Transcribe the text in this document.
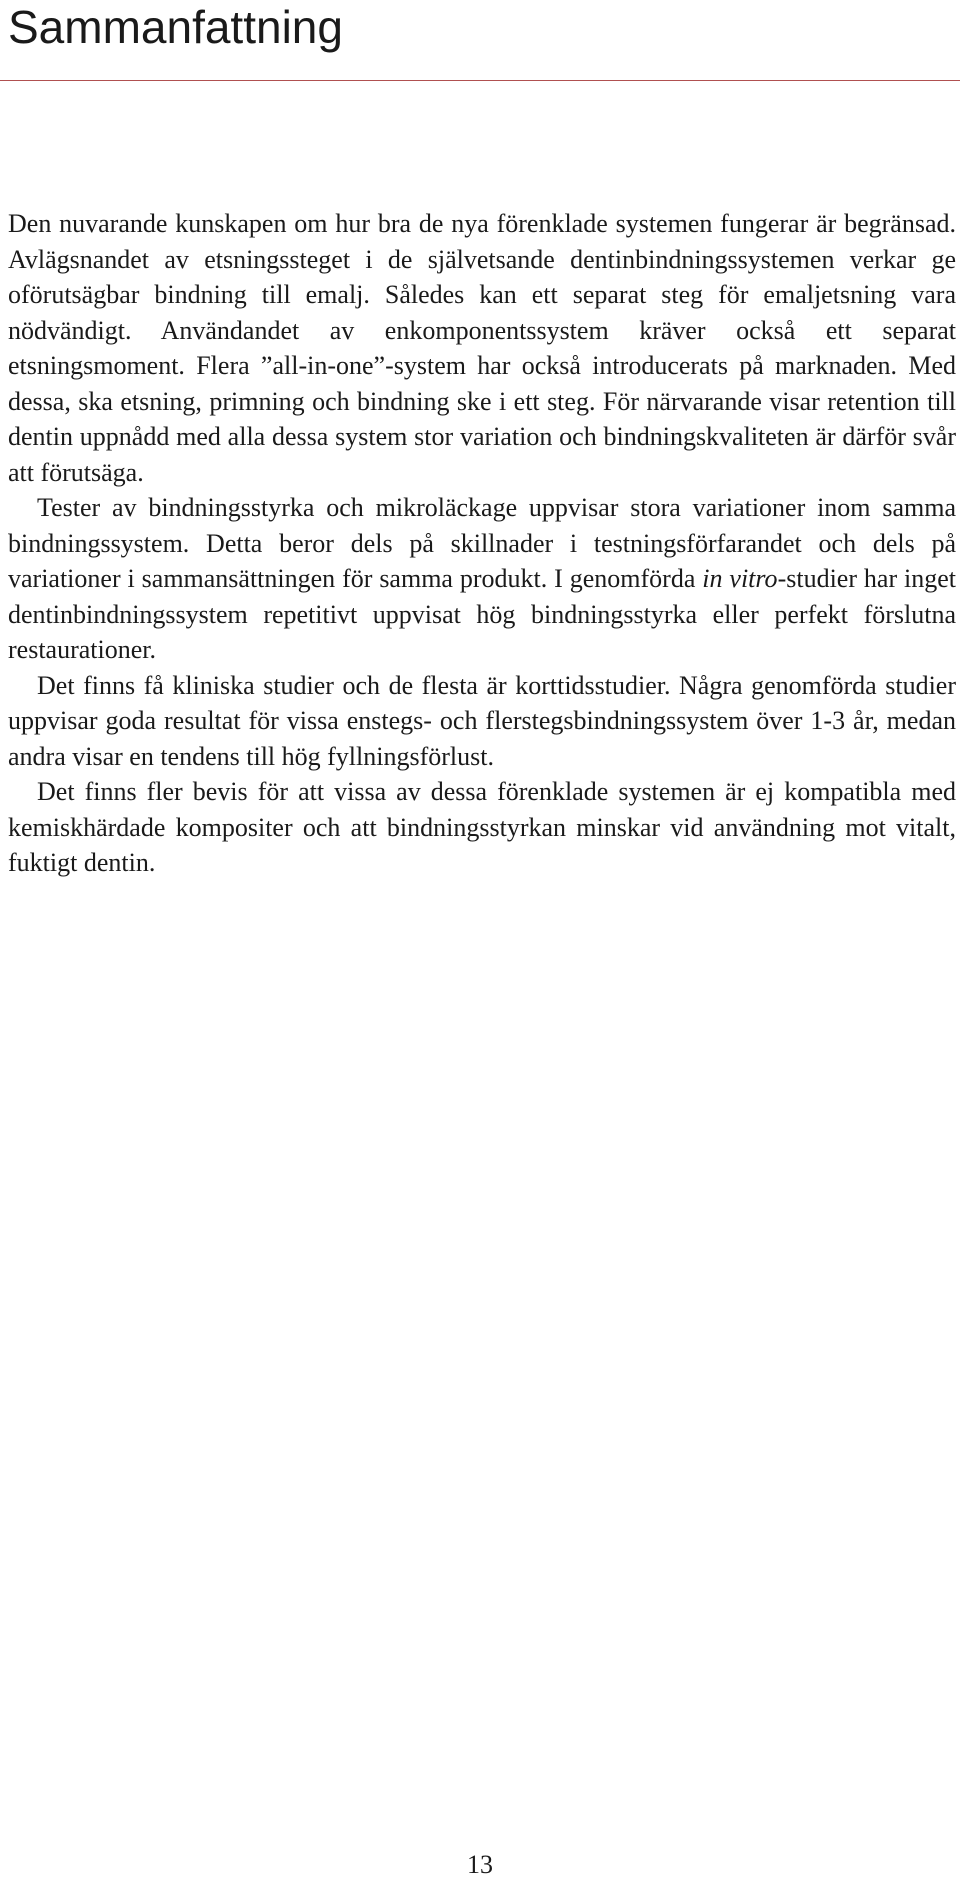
Sammanfattning

Den nuvarande kunskapen om hur bra de nya förenklade systemen fungerar är begränsad. Avlägsnandet av etsningssteget i de självetsande dentinbindningssystemen verkar ge oförutsägbar bindning till emalj. Således kan ett separat steg för emaljetsning vara nödvändigt. Användandet av enkomponentssystem kräver också ett separat etsningsmoment. Flera ”all-in-one”-system har också introducerats på marknaden. Med dessa, ska etsning, primning och bindning ske i ett steg. För närvarande visar retention till dentin uppnådd med alla dessa system stor variation och bindningskvaliteten är därför svår att förutsäga.

Tester av bindningsstyrka och mikroläckage uppvisar stora variationer inom samma bindningssystem. Detta beror dels på skillnader i testningsförfarandet och dels på variationer i sammansättningen för samma produkt. I genomförda in vitro-studier har inget dentinbindningssystem repetitivt uppvisat hög bindningsstyrka eller perfekt förslutna restaurationer.

Det finns få kliniska studier och de flesta är korttidsstudier. Några genomförda studier uppvisar goda resultat för vissa enstegs- och flerstegsbindningssystem över 1-3 år, medan andra visar en tendens till hög fyllningsförlust.

Det finns fler bevis för att vissa av dessa förenklade systemen är ej kompatibla med kemiskhärdade kompositer och att bindningsstyrkan minskar vid användning mot vitalt, fuktigt dentin.

13
